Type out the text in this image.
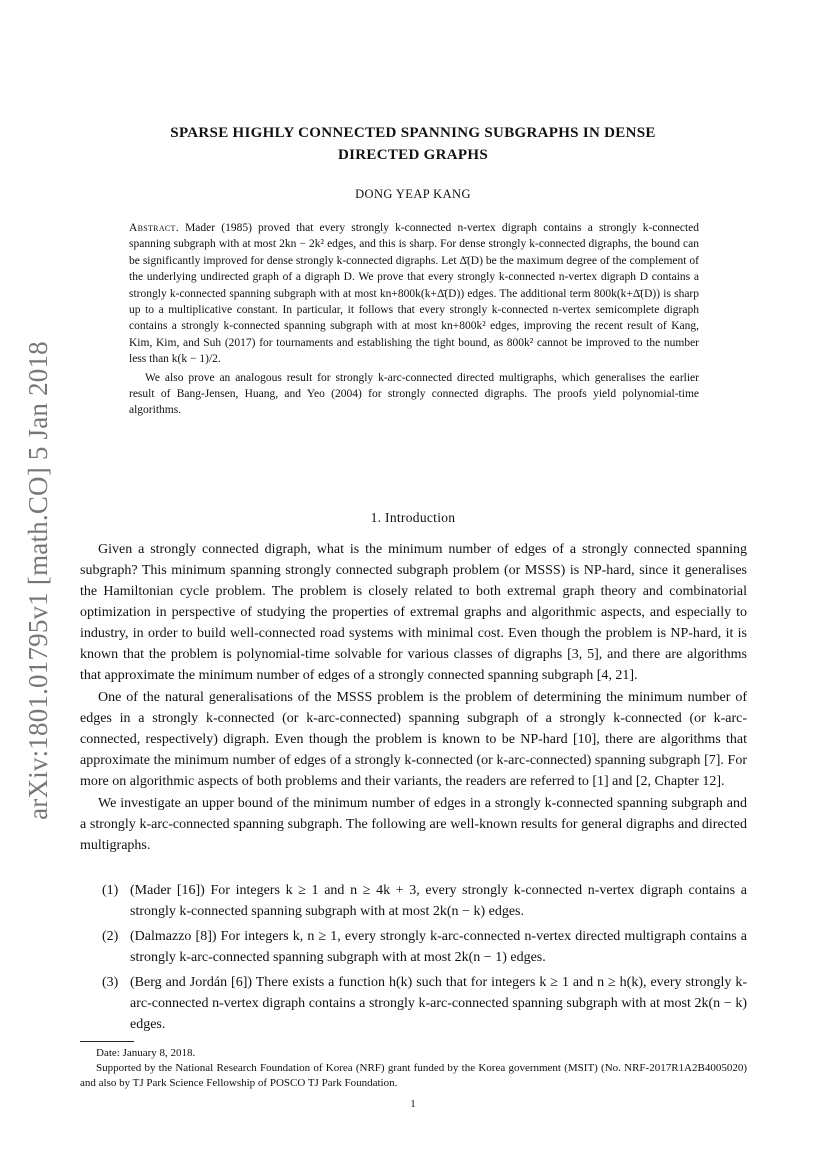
arXiv:1801.01795v1 [math.CO] 5 Jan 2018
SPARSE HIGHLY CONNECTED SPANNING SUBGRAPHS IN DENSE
DIRECTED GRAPHS
DONG YEAP KANG

Abstract. Mader (1985) proved that every strongly k-connected n-vertex digraph contains a strongly k-connected spanning subgraph with at most 2kn − 2k² edges, and this is sharp. For dense strongly k-connected digraphs, the bound can be significantly improved for dense strongly k-connected digraphs. Let Δ̄(D) be the maximum degree of the complement of the underlying undirected graph of a digraph D. We prove that every strongly k-connected n-vertex digraph D contains a strongly k-connected spanning subgraph with at most kn+800k(k+Δ̄(D)) edges. The additional term 800k(k+Δ̄(D)) is sharp up to a multiplicative constant. In particular, it follows that every strongly k-connected n-vertex semicomplete digraph contains a strongly k-connected spanning subgraph with at most kn+800k² edges, improving the recent result of Kang, Kim, Kim, and Suh (2017) for tournaments and establishing the tight bound, as 800k² cannot be improved to the number less than k(k − 1)/2.

We also prove an analogous result for strongly k-arc-connected directed multigraphs, which generalises the earlier result of Bang-Jensen, Huang, and Yeo (2004) for strongly connected digraphs. The proofs yield polynomial-time algorithms.

1. Introduction

Given a strongly connected digraph, what is the minimum number of edges of a strongly connected spanning subgraph? This minimum spanning strongly connected subgraph problem (or MSSS) is NP-hard, since it generalises the Hamiltonian cycle problem. The problem is closely related to both extremal graph theory and combinatorial optimization in perspective of studying the properties of extremal graphs and algorithmic aspects, and especially to industry, in order to build well-connected road systems with minimal cost. Even though the problem is NP-hard, it is known that the problem is polynomial-time solvable for various classes of digraphs [3, 5], and there are algorithms that approximate the minimum number of edges of a strongly connected spanning subgraph [4, 21].

One of the natural generalisations of the MSSS problem is the problem of determining the minimum number of edges in a strongly k-connected (or k-arc-connected) spanning subgraph of a strongly k-connected (or k-arc-connected, respectively) digraph. Even though the problem is known to be NP-hard [10], there are algorithms that approximate the minimum number of edges of a strongly k-connected (or k-arc-connected) spanning subgraph [7]. For more on algorithmic aspects of both problems and their variants, the readers are referred to [1] and [2, Chapter 12].

We investigate an upper bound of the minimum number of edges in a strongly k-connected spanning subgraph and a strongly k-arc-connected spanning subgraph. The following are well-known results for general digraphs and directed multigraphs.

(1) (Mader [16]) For integers k ≥ 1 and n ≥ 4k + 3, every strongly k-connected n-vertex digraph contains a strongly k-connected spanning subgraph with at most 2k(n − k) edges.
(2) (Dalmazzo [8]) For integers k, n ≥ 1, every strongly k-arc-connected n-vertex directed multigraph contains a strongly k-arc-connected spanning subgraph with at most 2k(n − 1) edges.
(3) (Berg and Jordán [6]) There exists a function h(k) such that for integers k ≥ 1 and n ≥ h(k), every strongly k-arc-connected n-vertex digraph contains a strongly k-arc-connected spanning subgraph with at most 2k(n − k) edges.

Date: January 8, 2018.

Supported by the National Research Foundation of Korea (NRF) grant funded by the Korea government (MSIT) (No. NRF-2017R1A2B4005020) and also by TJ Park Science Fellowship of POSCO TJ Park Foundation.

1
